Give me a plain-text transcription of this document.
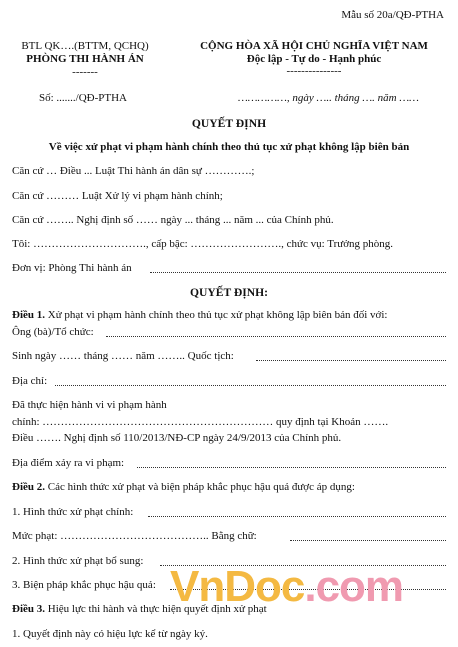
Mẫu số 20a/QĐ-PTHA
BTL QK….(BTTM, QCHQ)
PHÒNG THI HÀNH ÁN
-------
CỘNG HÒA XÃ HỘI CHỦ NGHĨA VIỆT NAM
Độc lập - Tự do - Hạnh phúc
---------------
Số: ......./QĐ-PTHA	……………, ngày ….. tháng …. năm ……
QUYẾT ĐỊNH
Về việc xử phạt vi phạm hành chính theo thủ tục xử phạt không lập biên bản
Căn cứ … Điều ... Luật Thi hành án dân sự ………….;
Căn cứ ……… Luật Xử lý vi phạm hành chính;
Căn cứ …….. Nghị định số …… ngày ... tháng ... năm ... của Chính phủ.
Tôi: …………………………., cấp bậc: ……………………., chức vụ: Trưởng phòng.
Đơn vị: Phòng Thi hành án
QUYẾT ĐỊNH:
Điều 1. Xử phạt vi phạm hành chính theo thủ tục xử phạt không lập biên bản đối với:
Ông (bà)/Tổ chức:
Sinh ngày …… tháng …… năm …….. Quốc tịch:
Địa chỉ:
Đã thực hiện hành vi vi phạm hành
chính: ……………………………………………………… quy định tại Khoản …….
Điều ……. Nghị định số 110/2013/NĐ-CP ngày 24/9/2013 của Chính phủ.
Địa điểm xảy ra vi phạm:
Điều 2. Các hình thức xử phạt và biện pháp khắc phục hậu quả được áp dụng:
1. Hình thức xử phạt chính:
Mức phạt: ………………………………….. Bằng chữ:
2. Hình thức xử phạt bổ sung:
3. Biện pháp khắc phục hậu quả:
Điều 3. Hiệu lực thi hành và thực hiện quyết định xử phạt
1. Quyết định này có hiệu lực kể từ ngày ký.
VnDoc.com
